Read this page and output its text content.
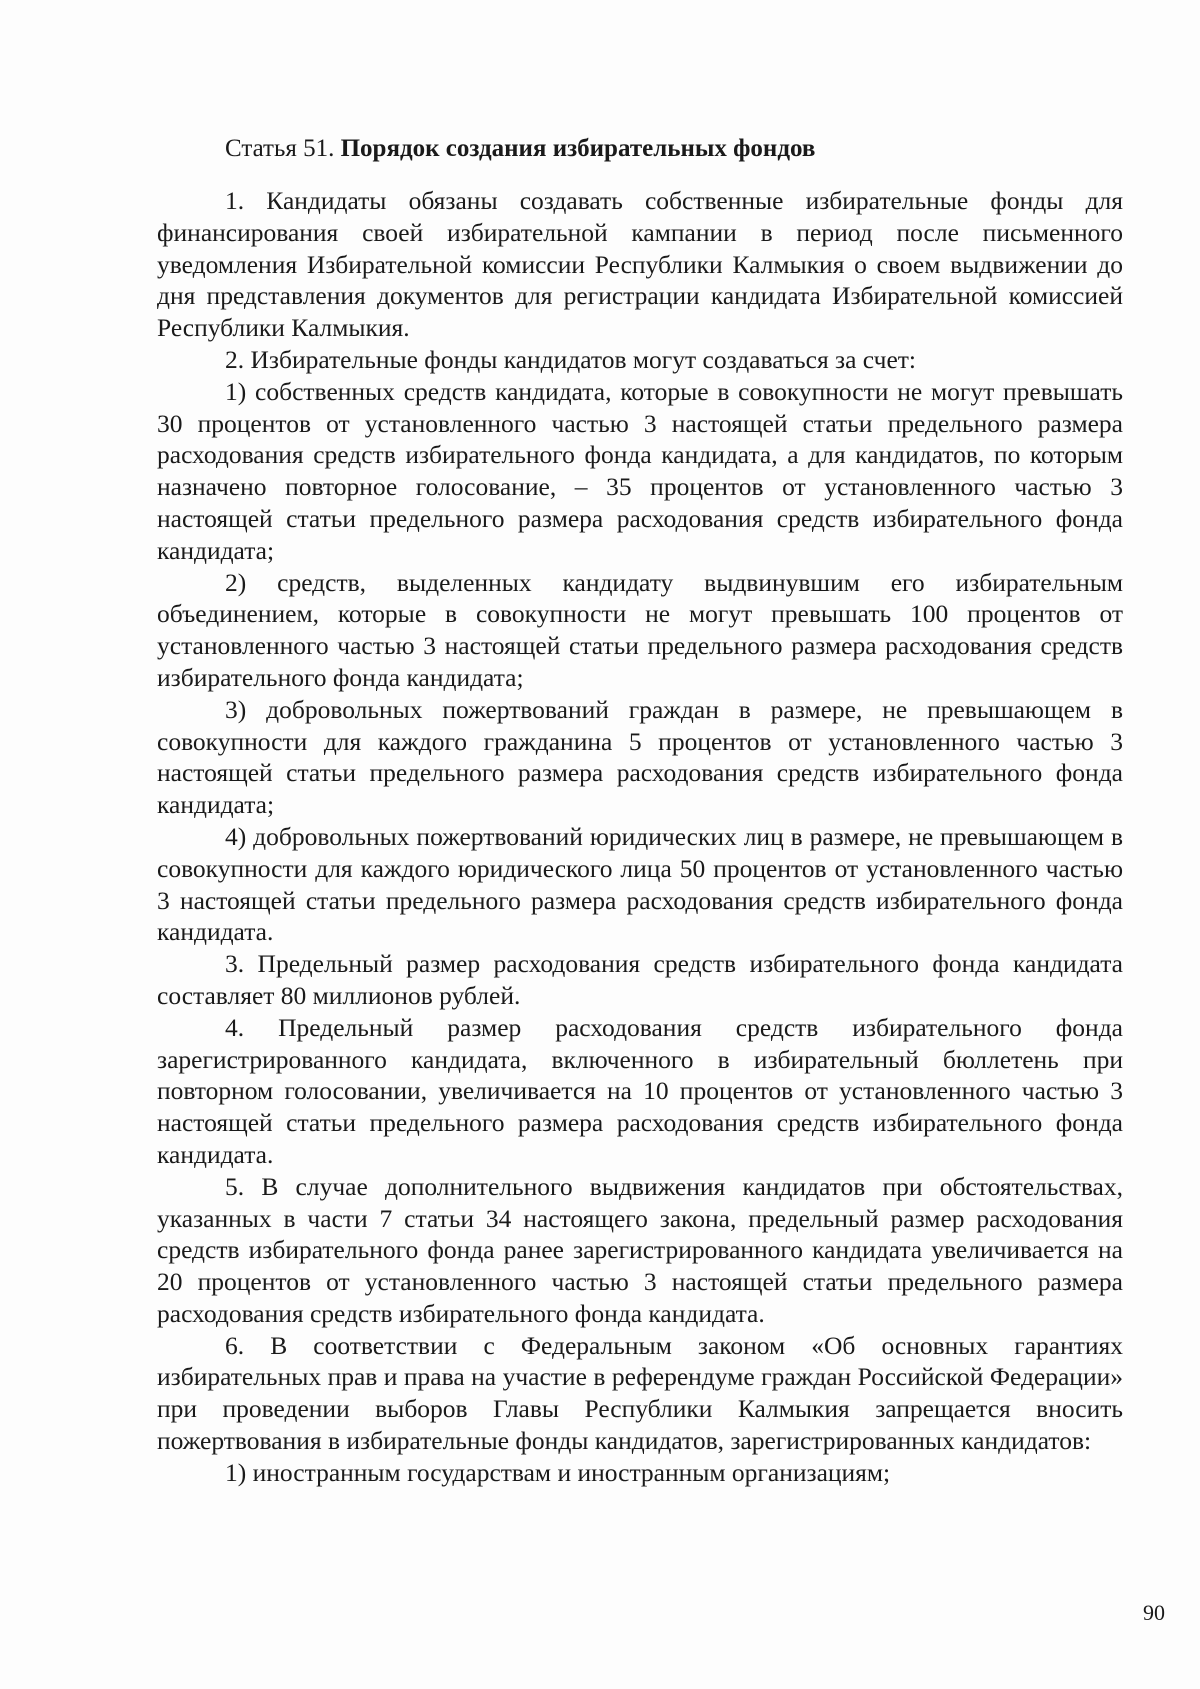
Статья 51. Порядок создания избирательных фондов

1. Кандидаты обязаны создавать собственные избирательные фонды для финансирования своей избирательной кампании в период после письменного уведомления Избирательной комиссии Республики Калмыкия о своем выдвижении до дня представления документов для регистрации кандидата Избирательной комиссией Республики Калмыкия.

2. Избирательные фонды кандидатов могут создаваться за счет:

1) собственных средств кандидата, которые в совокупности не могут превышать 30 процентов от установленного частью 3 настоящей статьи предельного размера расходования средств избирательного фонда кандидата, а для кандидатов, по которым назначено повторное голосование, – 35 процентов от установленного частью 3 настоящей статьи предельного размера расходования средств избирательного фонда кандидата;

2) средств, выделенных кандидату выдвинувшим его избирательным объединением, которые в совокупности не могут превышать 100 процентов от установленного частью 3 настоящей статьи предельного размера расходования средств избирательного фонда кандидата;

3) добровольных пожертвований граждан в размере, не превышающем в совокупности для каждого гражданина 5 процентов от установленного частью 3 настоящей статьи предельного размера расходования средств избирательного фонда кандидата;

4) добровольных пожертвований юридических лиц в размере, не превышающем в совокупности для каждого юридического лица 50 процентов от установленного частью 3 настоящей статьи предельного размера расходования средств избирательного фонда кандидата.

3. Предельный размер расходования средств избирательного фонда кандидата составляет 80 миллионов рублей.

4. Предельный размер расходования средств избирательного фонда зарегистрированного кандидата, включенного в избирательный бюллетень при повторном голосовании, увеличивается на 10 процентов от установленного частью 3 настоящей статьи предельного размера расходования средств избирательного фонда кандидата.

5. В случае дополнительного выдвижения кандидатов при обстоятельствах, указанных в части 7 статьи 34 настоящего закона, предельный размер расходования средств избирательного фонда ранее зарегистрированного кандидата увеличивается на 20 процентов от установленного частью 3 настоящей статьи предельного размера расходования средств избирательного фонда кандидата.

6. В соответствии с Федеральным законом «Об основных гарантиях избирательных прав и права на участие в референдуме граждан Российской Федерации» при проведении выборов Главы Республики Калмыкия запрещается вносить пожертвования в избирательные фонды кандидатов, зарегистрированных кандидатов:

1) иностранным государствам и иностранным организациям;

90
